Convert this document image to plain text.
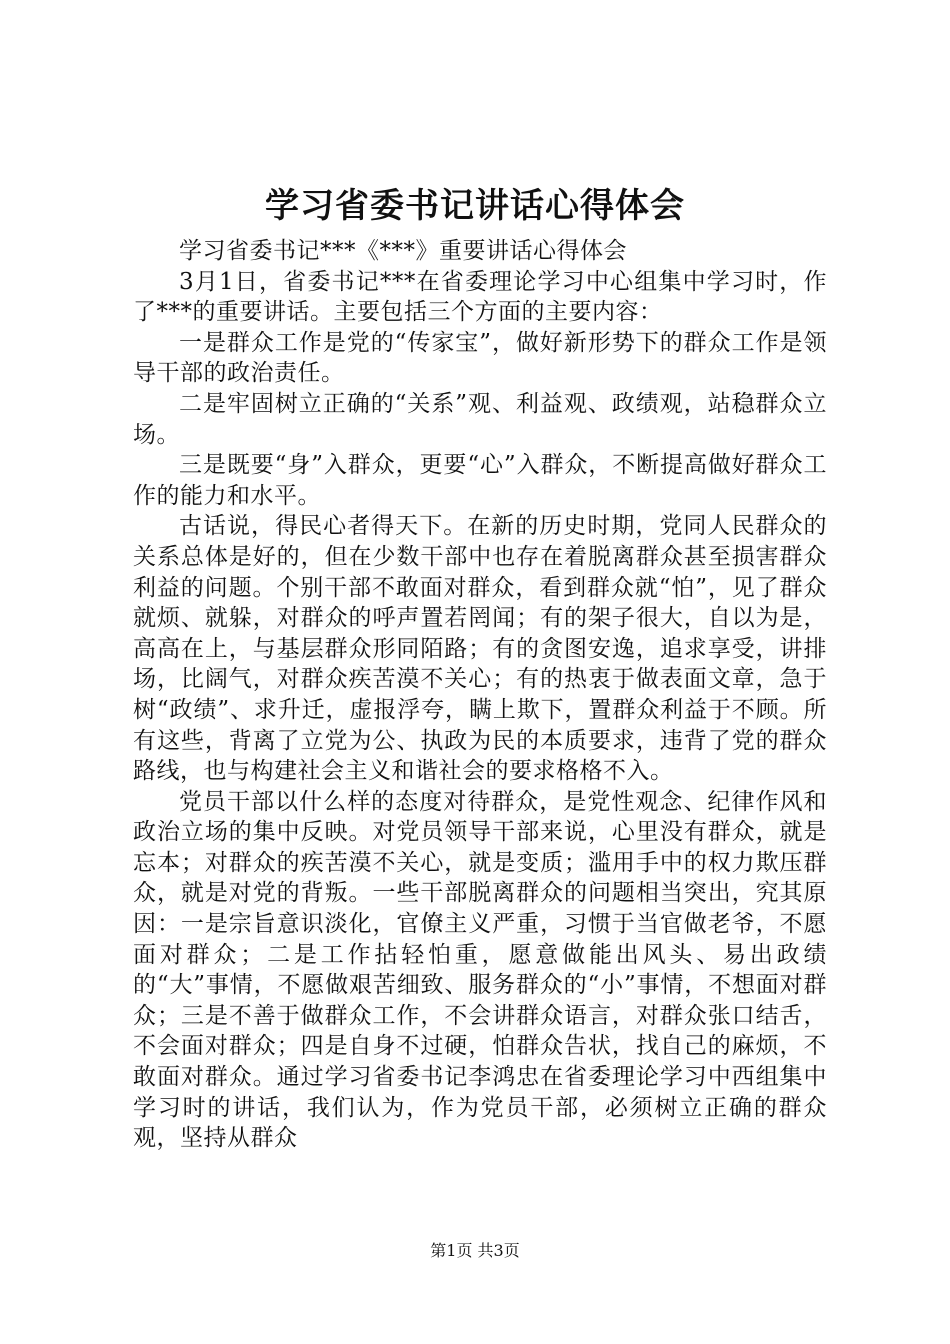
学习省委书记讲话心得体会

学习省委书记***《***》重要讲话心得体会

3月1日，省委书记***在省委理论学习中心组集中学习时，作了***的重要讲话。主要包括三个方面的主要内容：

一是群众工作是党的“传家宝”，做好新形势下的群众工作是领导干部的政治责任。

二是牢固树立正确的“关系”观、利益观、政绩观，站稳群众立场。

三是既要“身”入群众，更要“心”入群众，不断提高做好群众工作的能力和水平。

古话说，得民心者得天下。在新的历史时期，党同人民群众的关系总体是好的，但在少数干部中也存在着脱离群众甚至损害群众利益的问题。个别干部不敢面对群众，看到群众就“怕”，见了群众就烦、就躲，对群众的呼声置若罔闻；有的架子很大，自以为是，高高在上，与基层群众形同陌路；有的贪图安逸，追求享受，讲排场，比阔气，对群众疾苦漠不关心；有的热衷于做表面文章，急于树“政绩”、求升迁，虚报浮夸，瞒上欺下，置群众利益于不顾。所有这些，背离了立党为公、执政为民的本质要求，违背了党的群众路线，也与构建社会主义和谐社会的要求格格不入。

党员干部以什么样的态度对待群众，是党性观念、纪律作风和政治立场的集中反映。对党员领导干部来说，心里没有群众，就是忘本；对群众的疾苦漠不关心，就是变质；滥用手中的权力欺压群众，就是对党的背叛。一些干部脱离群众的问题相当突出，究其原因：一是宗旨意识淡化，官僚主义严重，习惯于当官做老爷，不愿面对群众；二是工作拈轻怕重，愿意做能出风头、易出政绩的“大”事情，不愿做艰苦细致、服务群众的“小”事情，不想面对群众；三是不善于做群众工作，不会讲群众语言，对群众张口结舌，不会面对群众；四是自身不过硬，怕群众告状，找自己的麻烦，不敢面对群众。通过学习省委书记李鸿忠在省委理论学习中西组集中学习时的讲话，我们认为，作为党员干部，必须树立正确的群众观，坚持从群众

第1页 共3页
